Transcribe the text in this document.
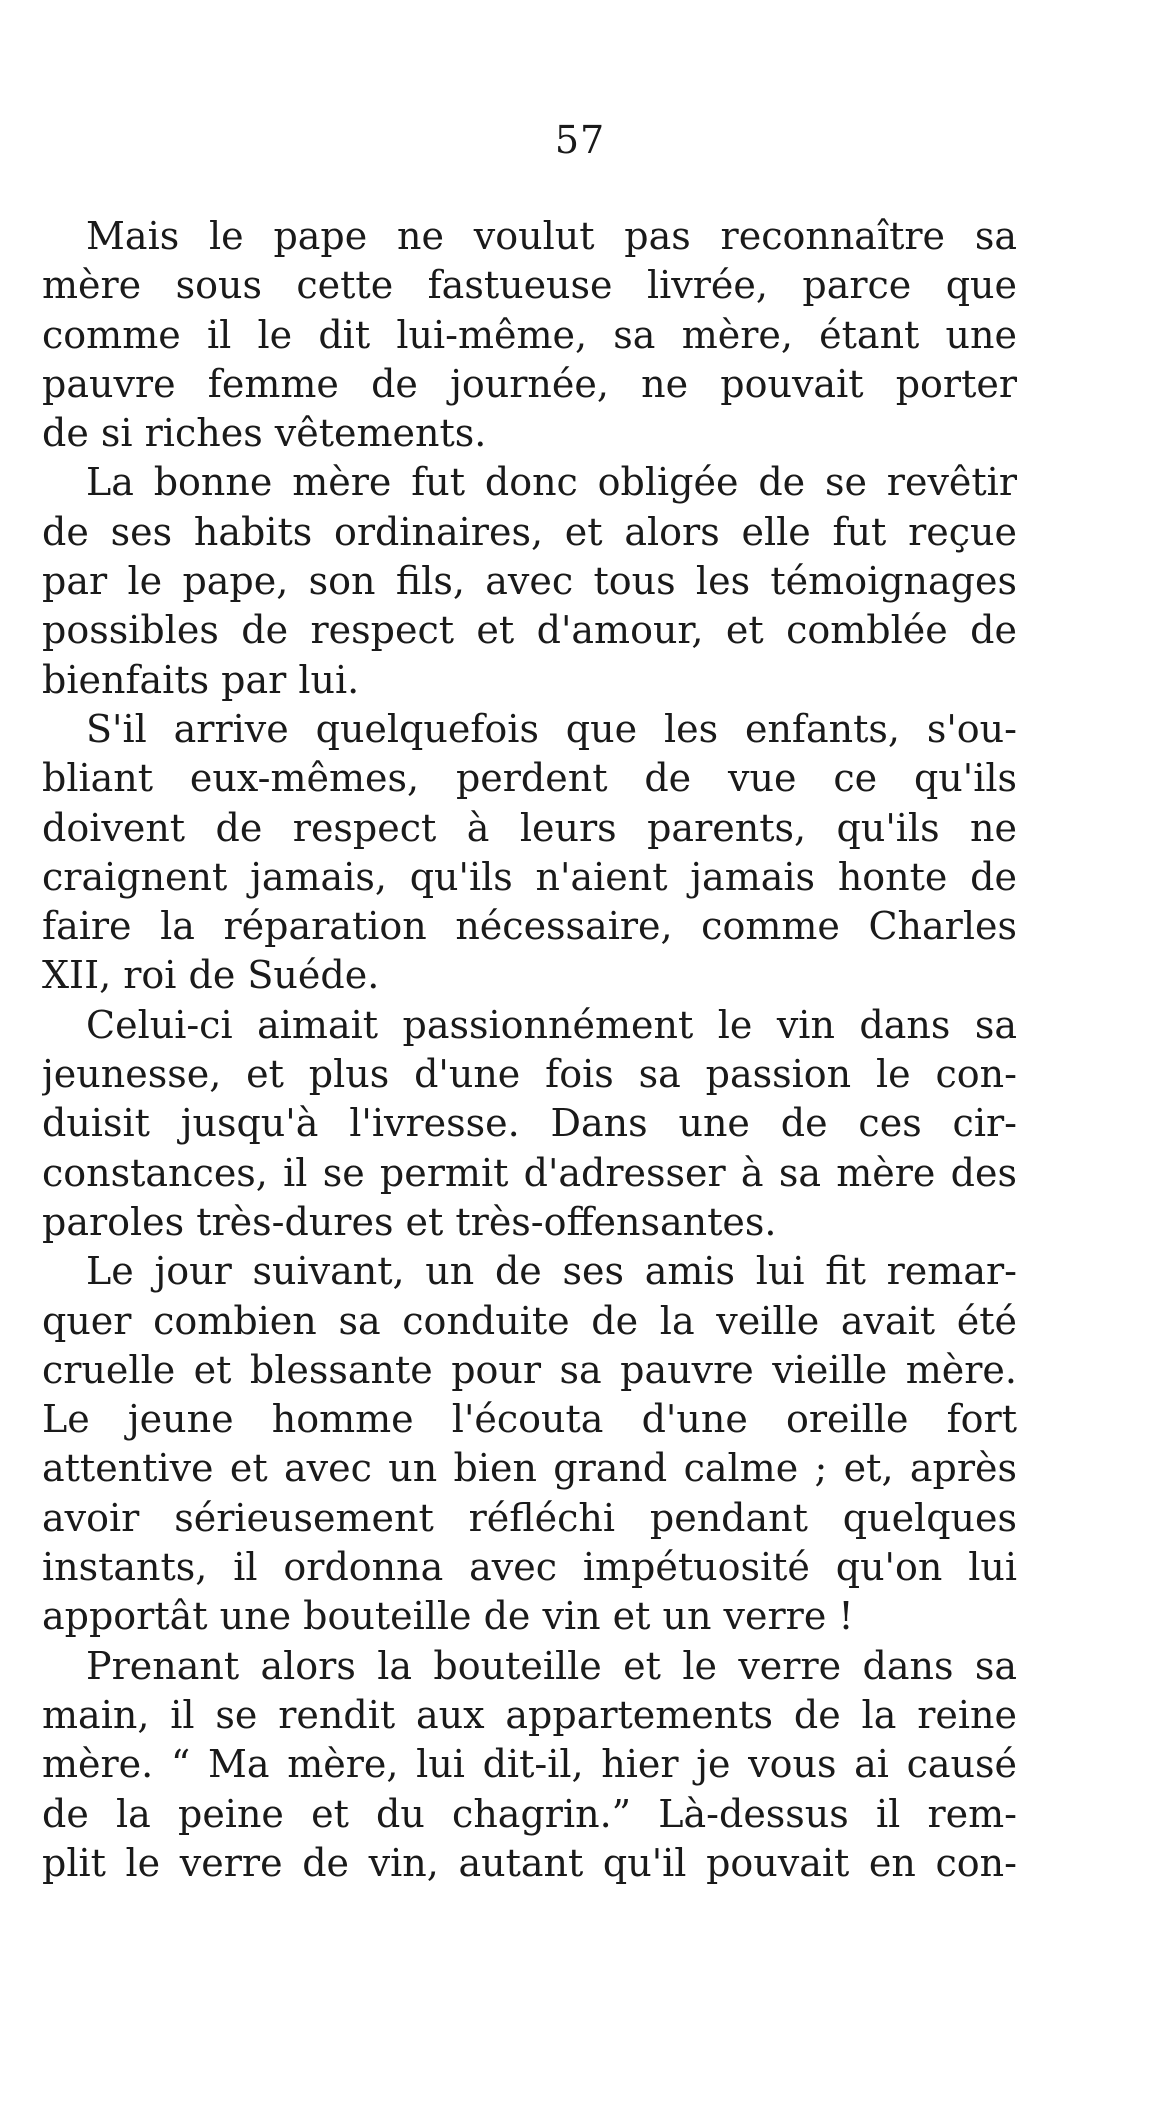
57
Mais le pape ne voulut pas reconnaître sa
mère sous cette fastueuse livrée, parce que
comme il le dit lui-même, sa mère, étant une
pauvre femme de journée, ne pouvait porter
de si riches vêtements.
La bonne mère fut donc obligée de se revêtir
de ses habits ordinaires, et alors elle fut reçue
par le pape, son fils, avec tous les témoignages
possibles de respect et d'amour, et comblée de
bienfaits par lui.
S'il arrive quelquefois que les enfants, s'ou-
bliant eux-mêmes, perdent de vue ce qu'ils
doivent de respect à leurs parents, qu'ils ne
craignent jamais, qu'ils n'aient jamais honte de
faire la réparation nécessaire, comme Charles
XII, roi de Suéde.
Celui-ci aimait passionnément le vin dans sa
jeunesse, et plus d'une fois sa passion le con-
duisit jusqu'à l'ivresse. Dans une de ces cir-
constances, il se permit d'adresser à sa mère des
paroles très-dures et très-offensantes.
Le jour suivant, un de ses amis lui fit remar-
quer combien sa conduite de la veille avait été
cruelle et blessante pour sa pauvre vieille mère.
Le jeune homme l'écouta d'une oreille fort
attentive et avec un bien grand calme ; et, après
avoir sérieusement réfléchi pendant quelques
instants, il ordonna avec impétuosité qu'on lui
apportât une bouteille de vin et un verre !
Prenant alors la bouteille et le verre dans sa
main, il se rendit aux appartements de la reine
mère. “ Ma mère, lui dit-il, hier je vous ai causé
de la peine et du chagrin.” Là-dessus il rem-
plit le verre de vin, autant qu'il pouvait en con-
